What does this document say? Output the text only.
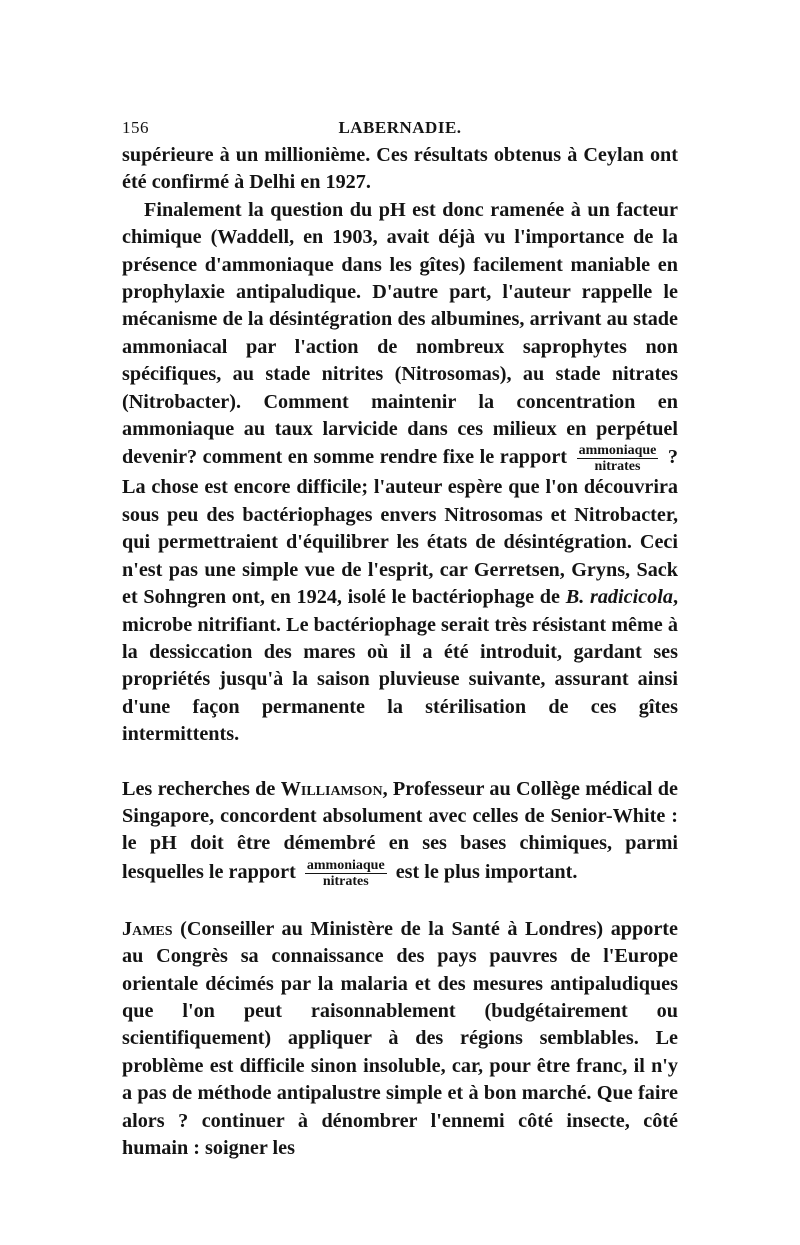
156	LABERNADIE.

supérieure à un millionième. Ces résultats obtenus à Ceylan ont été confirmé à Delhi en 1927.

Finalement la question du pH est donc ramenée à un facteur chimique (Waddell, en 1903, avait déjà vu l'importance de la présence d'ammoniaque dans les gîtes) facilement maniable en prophylaxie antipaludique. D'autre part, l'auteur rappelle le mécanisme de la désintégration des albumines, arrivant au stade ammoniacal par l'action de nombreux saprophytes non spécifiques, au stade nitrites (Nitrosomas), au stade nitrates (Nitrobacter). Comment maintenir la concentration en ammoniaque au taux larvicide dans ces milieux en perpétuel devenir? comment en somme rendre fixe le rapport $\frac{\text{ammoniaque}}{\text{nitrates}}$ ? La chose est encore difficile; l'auteur espère que l'on découvrira sous peu des bactériophages envers Nitrosomas et Nitrobacter, qui permettraient d'équilibrer les états de désintégration. Ceci n'est pas une simple vue de l'esprit, car Gerretsen, Gryns, Sack et Sohngren ont, en 1924, isolé le bactériophage de B. radicicola, microbe nitrifiant. Le bactériophage serait très résistant même à la dessiccation des mares où il a été introduit, gardant ses propriétés jusqu'à la saison pluvieuse suivante, assurant ainsi d'une façon permanente la stérilisation de ces gîtes intermittents.

Les recherches de Williamson, Professeur au Collège médical de Singapore, concordent absolument avec celles de Senior-White : le pH doit être démembré en ses bases chimiques, parmi lesquelles le rapport $\frac{\text{ammoniaque}}{\text{nitrates}}$ est le plus important.

James (Conseiller au Ministère de la Santé à Londres) apporte au Congrès sa connaissance des pays pauvres de l'Europe orientale décimés par la malaria et des mesures antipaludiques que l'on peut raisonnablement (budgétairement ou scientifiquement) appliquer à des régions semblables. Le problème est difficile sinon insoluble, car, pour être franc, il n'y a pas de méthode antipalustre simple et à bon marché. Que faire alors ? continuer à dénombrer l'ennemi côté insecte, côté humain : soigner les
